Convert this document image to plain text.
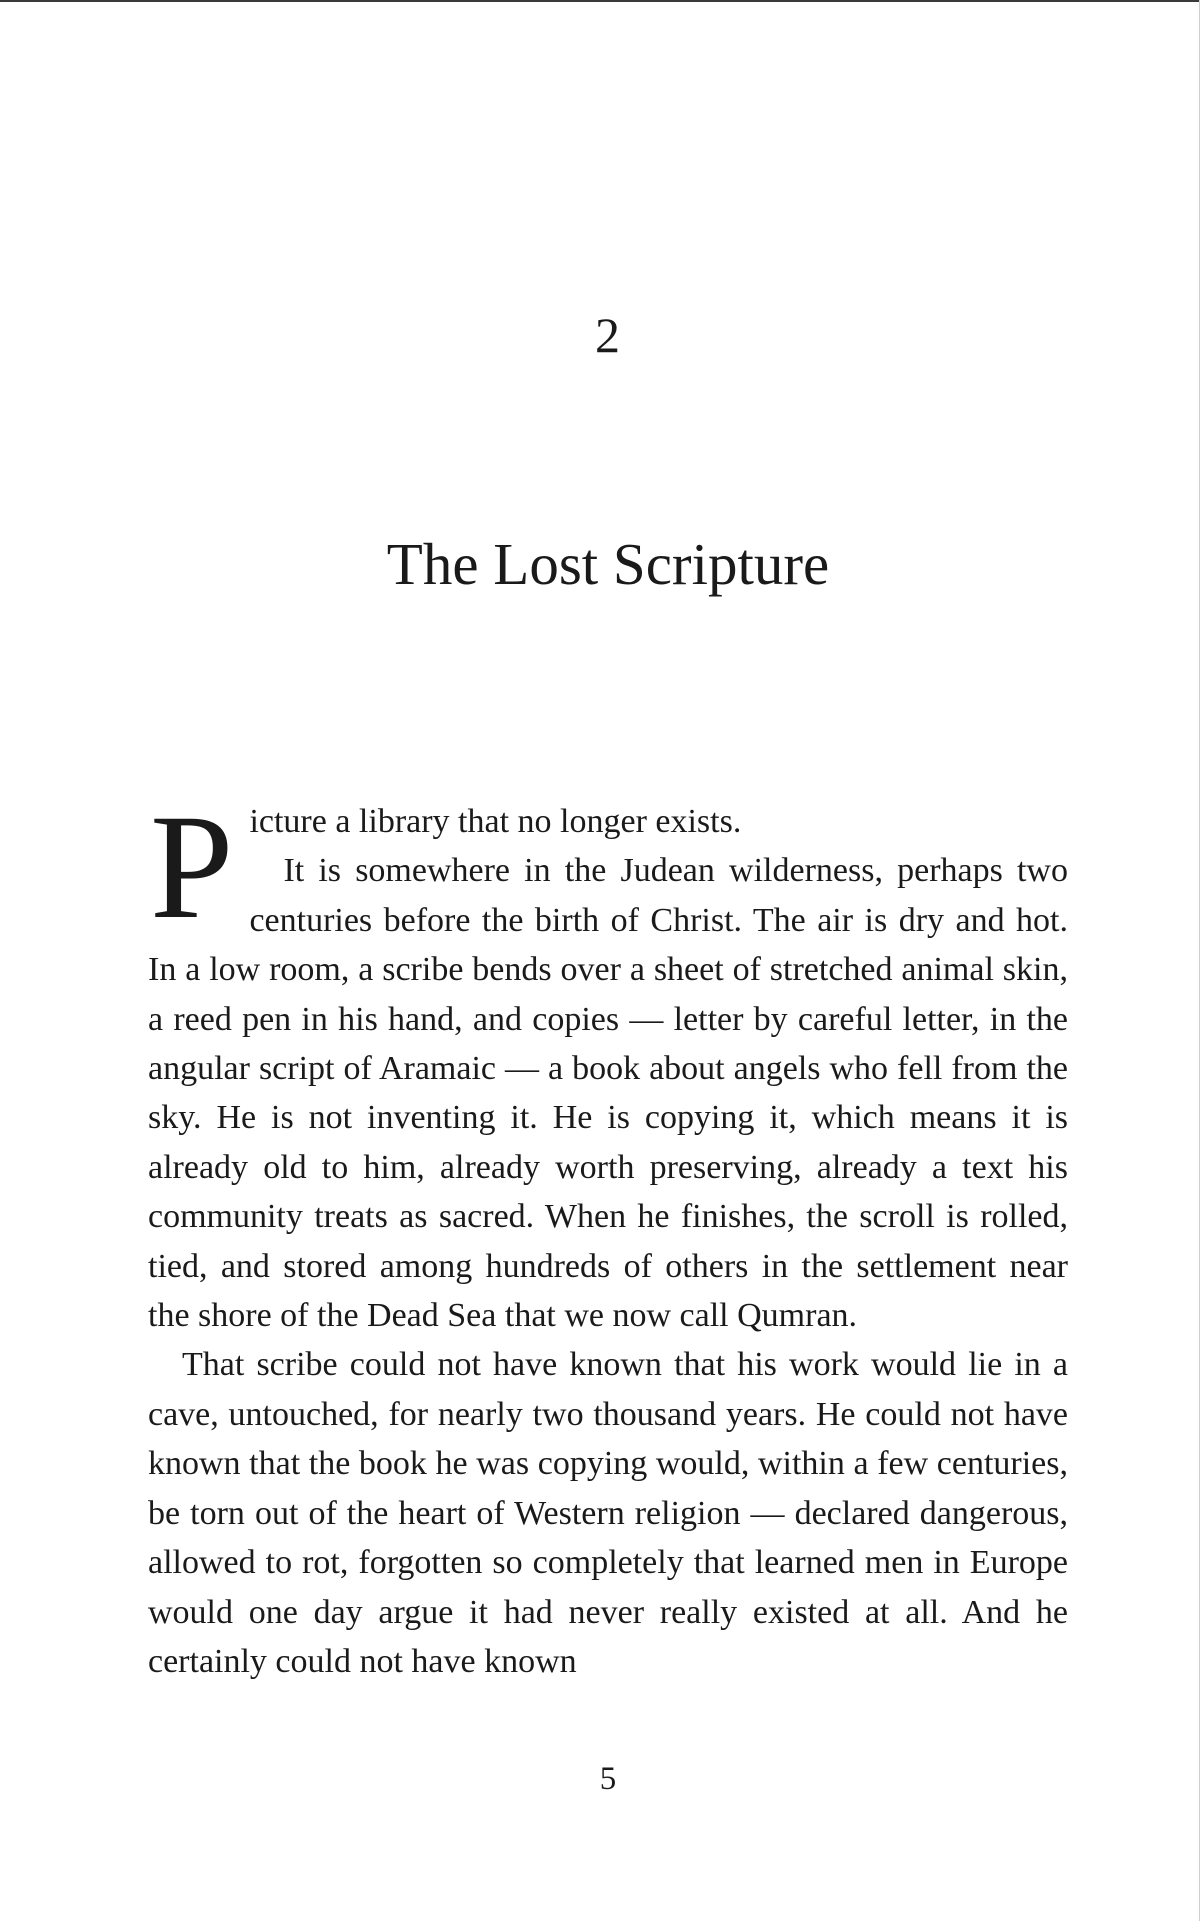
2
The Lost Scripture

Picture a library that no longer exists.

It is somewhere in the Judean wilderness, perhaps two centuries before the birth of Christ. The air is dry and hot. In a low room, a scribe bends over a sheet of stretched animal skin, a reed pen in his hand, and copies — letter by careful letter, in the angular script of Aramaic — a book about angels who fell from the sky. He is not inventing it. He is copying it, which means it is already old to him, already worth preserving, already a text his community treats as sacred. When he finishes, the scroll is rolled, tied, and stored among hundreds of others in the settlement near the shore of the Dead Sea that we now call Qumran.

That scribe could not have known that his work would lie in a cave, untouched, for nearly two thousand years. He could not have known that the book he was copying would, within a few centuries, be torn out of the heart of Western religion — declared dangerous, allowed to rot, forgotten so completely that learned men in Europe would one day argue it had never really existed at all. And he certainly could not have known

5
